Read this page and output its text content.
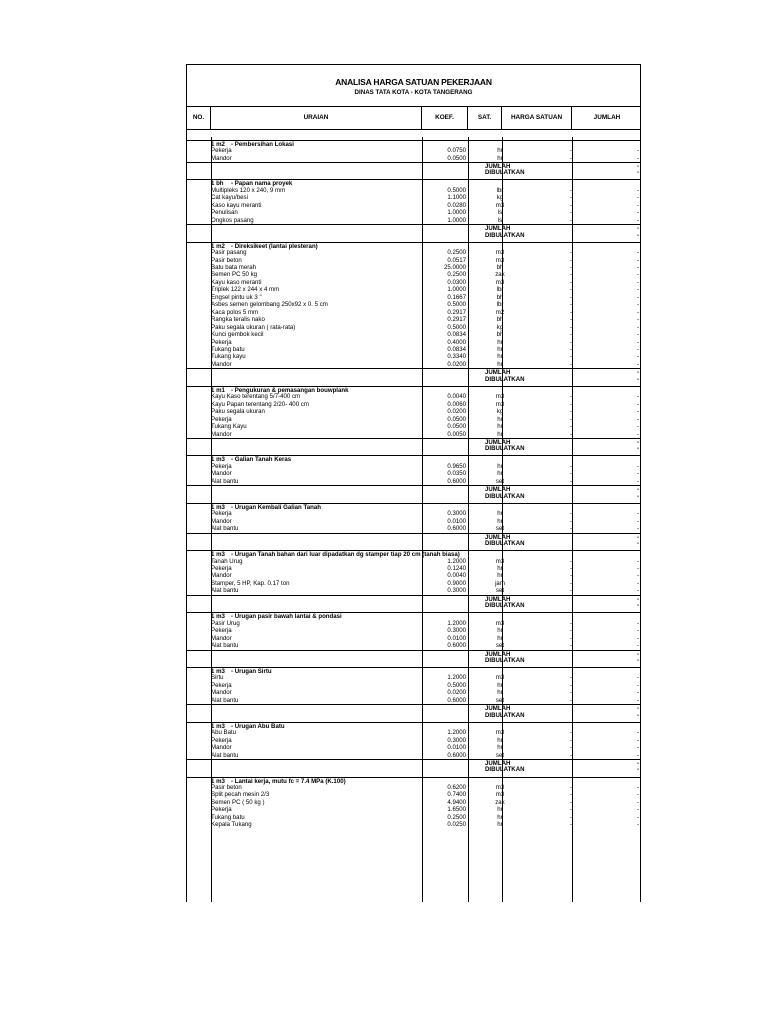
ANALISA HARGA SATUAN PEKERJAAN
DINAS TATA KOTA - KOTA TANGERANG
NO.	URAIAN	KOEF.	SAT.	HARGA SATUAN	JUMLAH
1 m2 - Pembersihan Lokasi
Pekerja	0.0750	hr	-	-
Mandor	0.0500	hr	-	-
JUMLAH	-
DIBULATKAN	-
1 bh - Papan nama proyek
Multipleks 120 x 240, 9 mm	0.5000	lbr	-	-
Cat kayu/besi	1.1000	kg	-	-
Kaso kayu meranti	0.0280	m3	-	-
Penulisan	1.0000	ls	-	-
Ongkos pasang	1.0000	ls	-	-
JUMLAH	-
DIBULATKAN	-
1 m2 - Direksikeet (lantai plesteran)
Pasir pasang	0.2500	m3	-	-
Pasir beton	0.0517	m3	-	-
Batu bata merah	25.0000	bh	-	-
Semen PC 50 kg	0.2500	zak	-	-
Kayu kaso meranti	0.0300	m3	-	-
Triplek 122 x 244 x 4 mm	1.0000	lbr	-	-
Engsel pintu uk 3 "	0.1667	bh	-	-
Asbes semen gelombang 250x92 x 0. 5 cm	0.5000	lbr	-	-
Kaca polos 5 mm	0.2917	m2	-	-
Rangka teralis nako	0.2917	bh	-	-
Paku segala ukuran ( rata-rata)	0.5000	kg	-	-
Kunci gembok kecil	0.0834	bh	-	-
Pekerja	0.4000	hr	-	-
Tukang batu	0.0834	hr	-	-
Tukang kayu	0.3340	hr	-	-
Mandor	0.0200	hr	-	-
JUMLAH	-
DIBULATKAN	-
1 m1 - Pengukuran & pemasangan bouwplank
Kayu Kaso terentang 5/7-400 cm	0.0040	m3	-	-
Kayu Papan terentang 2/20- 400 cm	0.0060	m3	-	-
Paku segala ukuran	0.0200	kg	-	-
Pekerja	0.0500	hr	-	-
Tukang Kayu	0.0500	hr	-	-
Mandor	0.0050	hr	-	-
JUMLAH	-
DIBULATKAN	-
1 m3 - Galian Tanah Keras
Pekerja	0.9650	hr	-	-
Mandor	0.0350	hr	-	-
Alat bantu	0.6000	set	-	-
JUMLAH	-
DIBULATKAN	-
1 m3 - Urugan Kembali Galian Tanah
Pekerja	0.3000	hr	-	-
Mandor	0.0100	hr	-	-
Alat bantu	0.6000	set	-	-
JUMLAH	-
DIBULATKAN	-
1 m3 - Urugan Tanah bahan dari luar dipadatkan dg stamper tiap 20 cm (tanah biasa)
Tanah Urug	1.2000	m3	-	-
Pekerja	0.1240	hr	-	-
Mandor	0.0040	hr	-	-
Stamper, 5 HP, Kap. 0.17 ton	0.9000	jam	-	-
Alat bantu	0.3000	set	-	-
JUMLAH	-
DIBULATKAN	-
1 m3 - Urugan pasir bawah lantai & pondasi
Pasir Urug	1.2000	m3	-	-
Pekerja	0.3000	hr	-	-
Mandor	0.0100	hr	-	-
Alat bantu	0.6000	set	-	-
JUMLAH	-
DIBULATKAN	-
1 m3 - Urugan Sirtu
Sirtu	1.2000	m3	-	-
Pekerja	0.5000	hr	-	-
Mandor	0.0200	hr	-	-
Alat bantu	0.6000	set	-	-
JUMLAH	-
DIBULATKAN	-
1 m3 - Urugan Abu Batu
Abu Batu	1.2000	m3	-	-
Pekerja	0.3000	hr	-	-
Mandor	0.0100	hr	-	-
Alat bantu	0.6000	set	-	-
JUMLAH	-
DIBULATKAN	-
1 m3 - Lantai kerja, mutu fc = 7.4 MPa (K.100)
Pasir beton	0.6200	m3	-	-
Split pecah mesin 2/3	0.7400	m3	-	-
Semen PC ( 50 kg )	4.9400	zak	-	-
Pekerja	1.6500	hr	-	-
Tukang batu	0.2500	hr	-	-
Kepala Tukang	0.0250	hr	-	-
